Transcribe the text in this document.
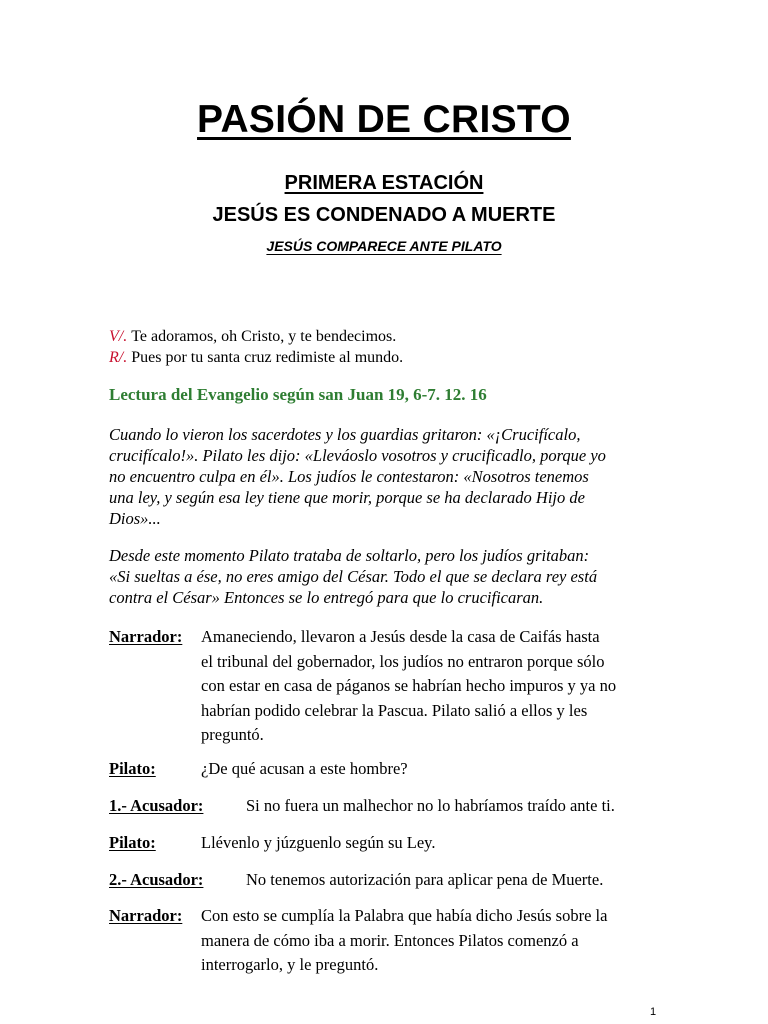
PASIÓN DE CRISTO
PRIMERA ESTACIÓN
JESÚS ES CONDENADO A MUERTE
JESÚS COMPARECE ANTE PILATO
V/. Te adoramos, oh Cristo, y te bendecimos.
R/. Pues por tu santa cruz redimiste al mundo.
Lectura del Evangelio según san Juan 19, 6-7. 12. 16
Cuando lo vieron los sacerdotes y los guardias gritaron: «¡Crucifícalo,
crucifícalo!». Pilato les dijo: «Lleváoslo vosotros y crucificadlo, porque yo
no encuentro culpa en él». Los judíos le contestaron: «Nosotros tenemos
una ley, y según esa ley tiene que morir, porque se ha declarado Hijo de
Dios»...
Desde este momento Pilato trataba de soltarlo, pero los judíos gritaban:
«Si sueltas a ése, no eres amigo del César. Todo el que se declara rey está
contra el César» Entonces se lo entregó para que lo crucificaran.
Narrador: Amaneciendo, llevaron a Jesús desde la casa de Caifás hasta
el tribunal del gobernador, los judíos no entraron porque sólo
con estar en casa de páganos se habrían hecho impuros y ya no
habrían podido celebrar la Pascua. Pilato salió a ellos y les
preguntó.
Pilato:	¿De qué acusan a este hombre?
1.- Acusador:	Si no fuera un malhechor no lo habríamos traído ante ti.
Pilato:	Llévenlo y júzguenlo según su Ley.
2.- Acusador:	No tenemos autorización para aplicar pena de Muerte.
Narrador: Con esto se cumplía la Palabra que había dicho Jesús sobre la
manera de cómo iba a morir. Entonces Pilatos comenzó a
interrogarlo, y le preguntó.
1
